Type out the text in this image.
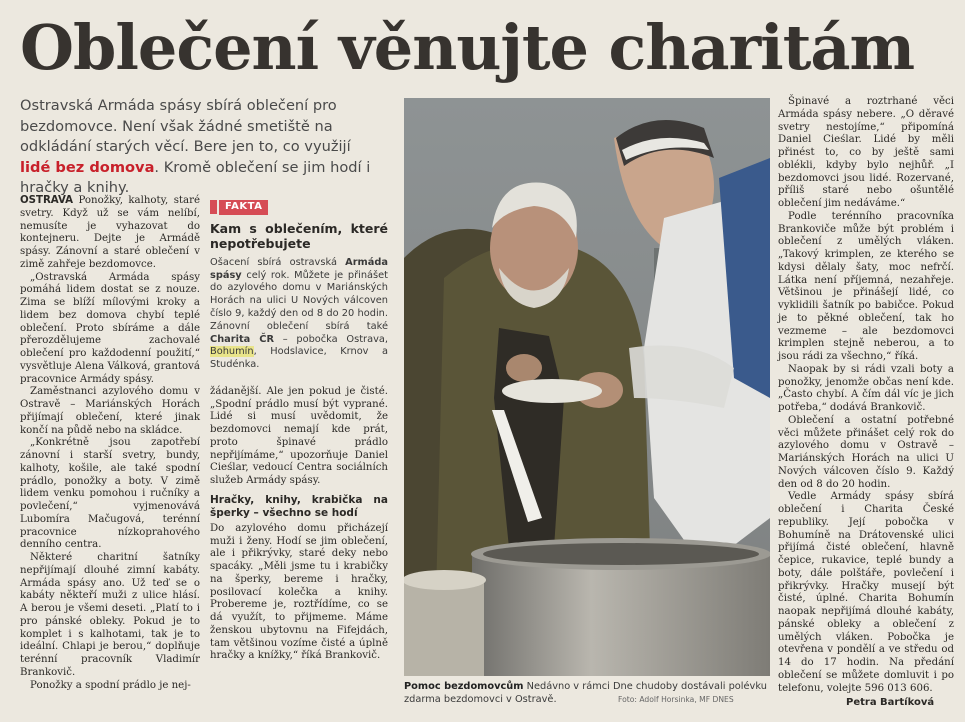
Oblečení věnujte charitám
Ostravská Armáda spásy sbírá oblečení pro bezdomovce. Není však žádné smetiště na odkládání starých věcí. Bere jen to, co využijí lidé bez domova. Kromě oblečení se jim hodí i hračky a knihy.

OSTRAVA Ponožky, kalhoty, staré svetry. Když už se vám nelíbí, nemusíte je vyhazovat do kontejneru. Dejte je Armádě spásy. Zánovní a staré oblečení v zimě zahřeje bezdomovce.

„Ostravská Armáda spásy pomáhá lidem dostat se z nouze. Zima se blíží mílovými kroky a lidem bez domova chybí teplé oblečení. Proto sbíráme a dále přerozdělujeme zachovalé oblečení pro každodenní použití,“ vysvětluje Alena Válková, grantová pracovnice Armády spásy.

Zaměstnanci azylového domu v Ostravě – Mariánských Horách přijímají oblečení, které jinak končí na půdě nebo na skládce.

„Konkrétně jsou zapotřebí zánovní i starší svetry, bundy, kalhoty, košile, ale také spodní prádlo, ponožky a boty. V zimě lidem venku pomohou i ručníky a povlečení,“ vyjmenovává Lubomíra Mačugová, terénní pracovnice nízkoprahového denního centra.

Některé charitní šatníky nepřijímají dlouhé zimní kabáty. Armáda spásy ano. Už teď se o kabáty někteří muži z ulice hlásí. A berou je všemi deseti. „Platí to i pro pánské obleky. Pokud je to komplet i s kalhotami, tak je to ideální. Chlapi je berou,“ doplňuje terénní pracovník Vladimír Brankovič.

Ponožky a spodní prádlo je nej-

FAKTA
Kam s oblečením, které nepotřebujete
Ošacení sbírá ostravská Armáda spásy celý rok. Můžete je přinášet do azylového domu v Mariánských Horách na ulici U Nových válcoven číslo 9, každý den od 8 do 20 hodin. Zánovní oblečení sbírá také Charita ČR – pobočka Ostrava, Bohumín, Hodslavice, Krnov a Studénka.

žádanější. Ale jen pokud je čisté. „Spodní prádlo musí být vyprané. Lidé si musí uvědomit, že bezdomovci nemají kde prát, proto špinavé prádlo nepřijímáme,“ upozorňuje Daniel Cieślar, vedoucí Centra sociálních služeb Armády spásy.

Hračky, knihy, krabička na šperky – všechno se hodí

Do azylového domu přicházejí muži i ženy. Hodí se jim oblečení, ale i přikrývky, staré deky nebo spacáky. „Měli jsme tu i krabičky na šperky, bereme i hračky, posilovací kolečka a knihy. Probereme je, roztřídíme, co se dá využít, to přijmeme. Máme ženskou ubytovnu na Fifejdách, tam většinou vozíme čisté a úplně hračky a knížky,“ říká Brankovič.

Pomoc bezdomovcům Nedávno v rámci Dne chudoby dostávali polévku zdarma bezdomovci v Ostravě.	Foto: Adolf Horsinka, MF DNES

Špinavé a roztrhané věci Armáda spásy nebere. „O děravé svetry nestojíme,“ připomíná Daniel Cieślar. Lidé by měli přinést to, co by ještě sami oblékli, kdyby bylo nejhůř. „I bezdomovci jsou lidé. Rozervané, příliš staré nebo ošuntělé oblečení jim nedáváme.“

Podle terénního pracovníka Brankoviče může být problém i oblečení z umělých vláken. „Takový krimplen, ze kterého se kdysi dělaly šaty, moc nefrčí. Látka není příjemná, nezahřeje. Většinou je přinášejí lidé, co vyklidili šatník po babičce. Pokud je to pěkné oblečení, tak ho vezmeme – ale bezdomovci krimplen stejně neberou, a to jsou rádi za všechno,“ říká.

Naopak by si rádi vzali boty a ponožky, jenomže občas není kde. „Často chybí. A čím dál víc je jich potřeba,“ dodává Brankovič.

Oblečení a ostatní potřebné věci můžete přinášet celý rok do azylového domu v Ostravě – Mariánských Horách na ulici U Nových válcoven číslo 9. Každý den od 8 do 20 hodin.

Vedle Armády spásy sbírá oblečení i Charita České republiky. Její pobočka v Bohumíně na Drátovenské ulici přijímá čisté oblečení, hlavně čepice, rukavice, teplé bundy a boty, dále polštáře, povlečení i přikrývky. Hračky musejí být čisté, úplné. Charita Bohumín naopak nepřijímá dlouhé kabáty, pánské obleky a oblečení z umělých vláken. Pobočka je otevřena v pondělí a ve středu od 14 do 17 hodin. Na předání oblečení se můžete domluvit i po telefonu, volejte 596 013 606.

Petra Bartíková
